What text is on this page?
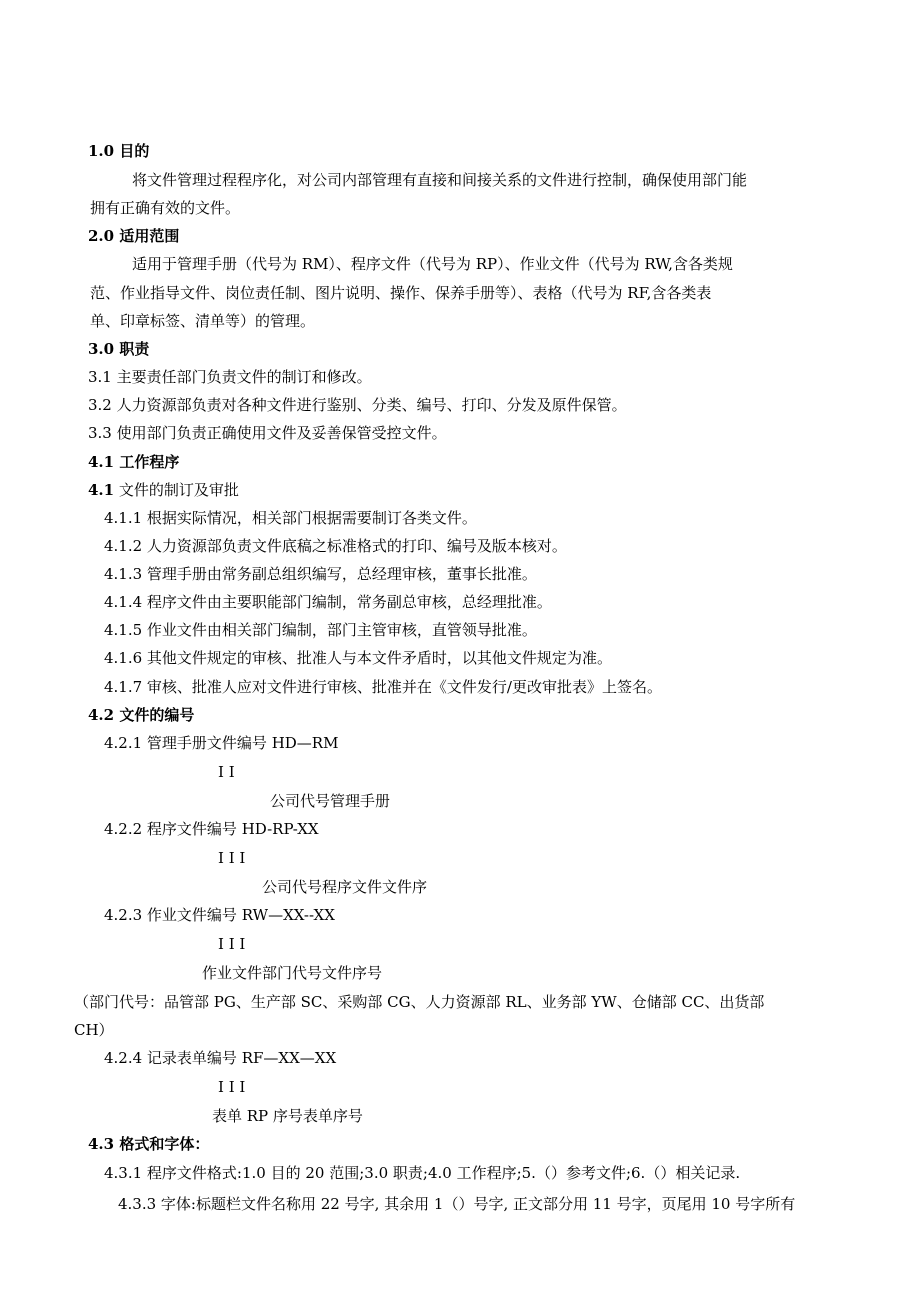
1.0 目的
将文件管理过程程序化，对公司内部管理有直接和间接关系的文件进行控制，确保使用部门能
拥有正确有效的文件。
2.0 适用范围
适用于管理手册（代号为 RM）、程序文件（代号为 RP）、作业文件（代号为 RW,含各类规
范、作业指导文件、岗位责任制、图片说明、操作、保养手册等）、表格（代号为 RF,含各类表
单、印章标签、清单等）的管理。
3.0 职责
3.1 主要责任部门负责文件的制订和修改。
3.2 人力资源部负责对各种文件进行鉴别、分类、编号、打印、分发及原件保管。
3.3 使用部门负责正确使用文件及妥善保管受控文件。
4.1 工作程序
4.1 文件的制订及审批
4.1.1 根据实际情况，相关部门根据需要制订各类文件。
4.1.2 人力资源部负责文件底稿之标准格式的打印、编号及版本核对。
4.1.3 管理手册由常务副总组织编写，总经理审核，董事长批准。
4.1.4 程序文件由主要职能部门编制，常务副总审核，总经理批准。
4.1.5 作业文件由相关部门编制，部门主管审核，直管领导批准。
4.1.6 其他文件规定的审核、批准人与本文件矛盾时，以其他文件规定为准。
4.1.7 审核、批准人应对文件进行审核、批准并在《文件发行/更改审批表》上签名。
4.2 文件的编号
4.2.1 管理手册文件编号 HD—RM
I I
公司代号管理手册
4.2.2 程序文件编号 HD-RP-XX
I I I
公司代号程序文件文件序
4.2.3 作业文件编号 RW—XX--XX
I I I
作业文件部门代号文件序号
（部门代号：品管部 PG、生产部 SC、采购部 CG、人力资源部 RL、业务部 YW、仓储部 CC、出货部
CH）
4.2.4 记录表单编号 RF—XX—XX
I I I
表单 RP 序号表单序号
4.3 格式和字体：
4.3.1 程序文件格式:1.0 目的 20 范围;3.0 职责;4.0 工作程序;5.（）参考文件;6.（）相关记录.
4.3.3 字体:标题栏文件名称用 22 号字, 其余用 1（）号字, 正文部分用 11 号字，页尾用 10 号字所有
